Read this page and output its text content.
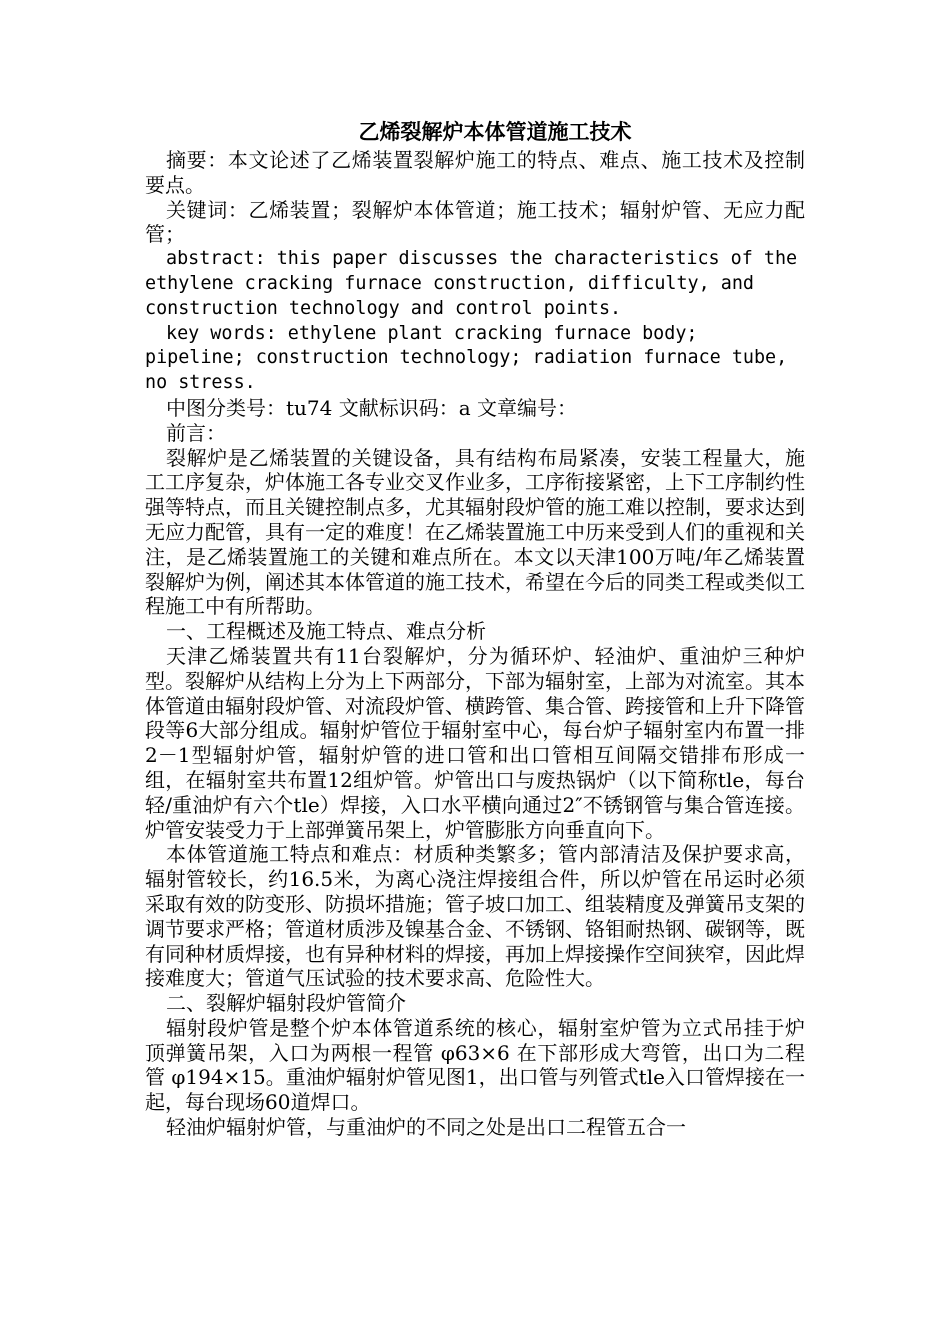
乙烯裂解炉本体管道施工技术

摘要：本文论述了乙烯装置裂解炉施工的特点、难点、施工技术及控制要点。

关键词：乙烯装置；裂解炉本体管道；施工技术；辐射炉管、无应力配管；

abstract: this paper discusses the characteristics of the ethylene cracking furnace construction, difficulty, and construction technology and control points.

key words: ethylene plant cracking furnace body; pipeline; construction technology; radiation furnace tube, no stress.

中图分类号：tu74 文献标识码：a 文章编号：

前言：

裂解炉是乙烯装置的关键设备，具有结构布局紧凑，安装工程量大，施工工序复杂，炉体施工各专业交叉作业多，工序衔接紧密，上下工序制约性强等特点，而且关键控制点多，尤其辐射段炉管的施工难以控制，要求达到无应力配管，具有一定的难度！在乙烯装置施工中历来受到人们的重视和关注，是乙烯装置施工的关键和难点所在。本文以天津100万吨/年乙烯装置裂解炉为例，阐述其本体管道的施工技术，希望在今后的同类工程或类似工程施工中有所帮助。

一、工程概述及施工特点、难点分析

天津乙烯装置共有11台裂解炉，分为循环炉、轻油炉、重油炉三种炉型。裂解炉从结构上分为上下两部分，下部为辐射室，上部为对流室。其本体管道由辐射段炉管、对流段炉管、横跨管、集合管、跨接管和上升下降管段等6大部分组成。辐射炉管位于辐射室中心，每台炉子辐射室内布置一排2－1型辐射炉管，辐射炉管的进口管和出口管相互间隔交错排布形成一组，在辐射室共布置12组炉管。炉管出口与废热锅炉（以下简称tle，每台轻/重油炉有六个tle）焊接，入口水平横向通过2″不锈钢管与集合管连接。炉管安装受力于上部弹簧吊架上，炉管膨胀方向垂直向下。

本体管道施工特点和难点：材质种类繁多；管内部清洁及保护要求高，辐射管较长，约16.5米，为离心浇注焊接组合件，所以炉管在吊运时必须采取有效的防变形、防损坏措施；管子坡口加工、组装精度及弹簧吊支架的调节要求严格；管道材质涉及镍基合金、不锈钢、铬钼耐热钢、碳钢等，既有同种材质焊接，也有异种材料的焊接，再加上焊接操作空间狭窄，因此焊接难度大；管道气压试验的技术要求高、危险性大。

二、裂解炉辐射段炉管简介

辐射段炉管是整个炉本体管道系统的核心，辐射室炉管为立式吊挂于炉顶弹簧吊架，入口为两根一程管 φ63×6 在下部形成大弯管，出口为二程管 φ194×15。重油炉辐射炉管见图1，出口管与列管式tle入口管焊接在一起，每台现场60道焊口。

轻油炉辐射炉管，与重油炉的不同之处是出口二程管五合一
